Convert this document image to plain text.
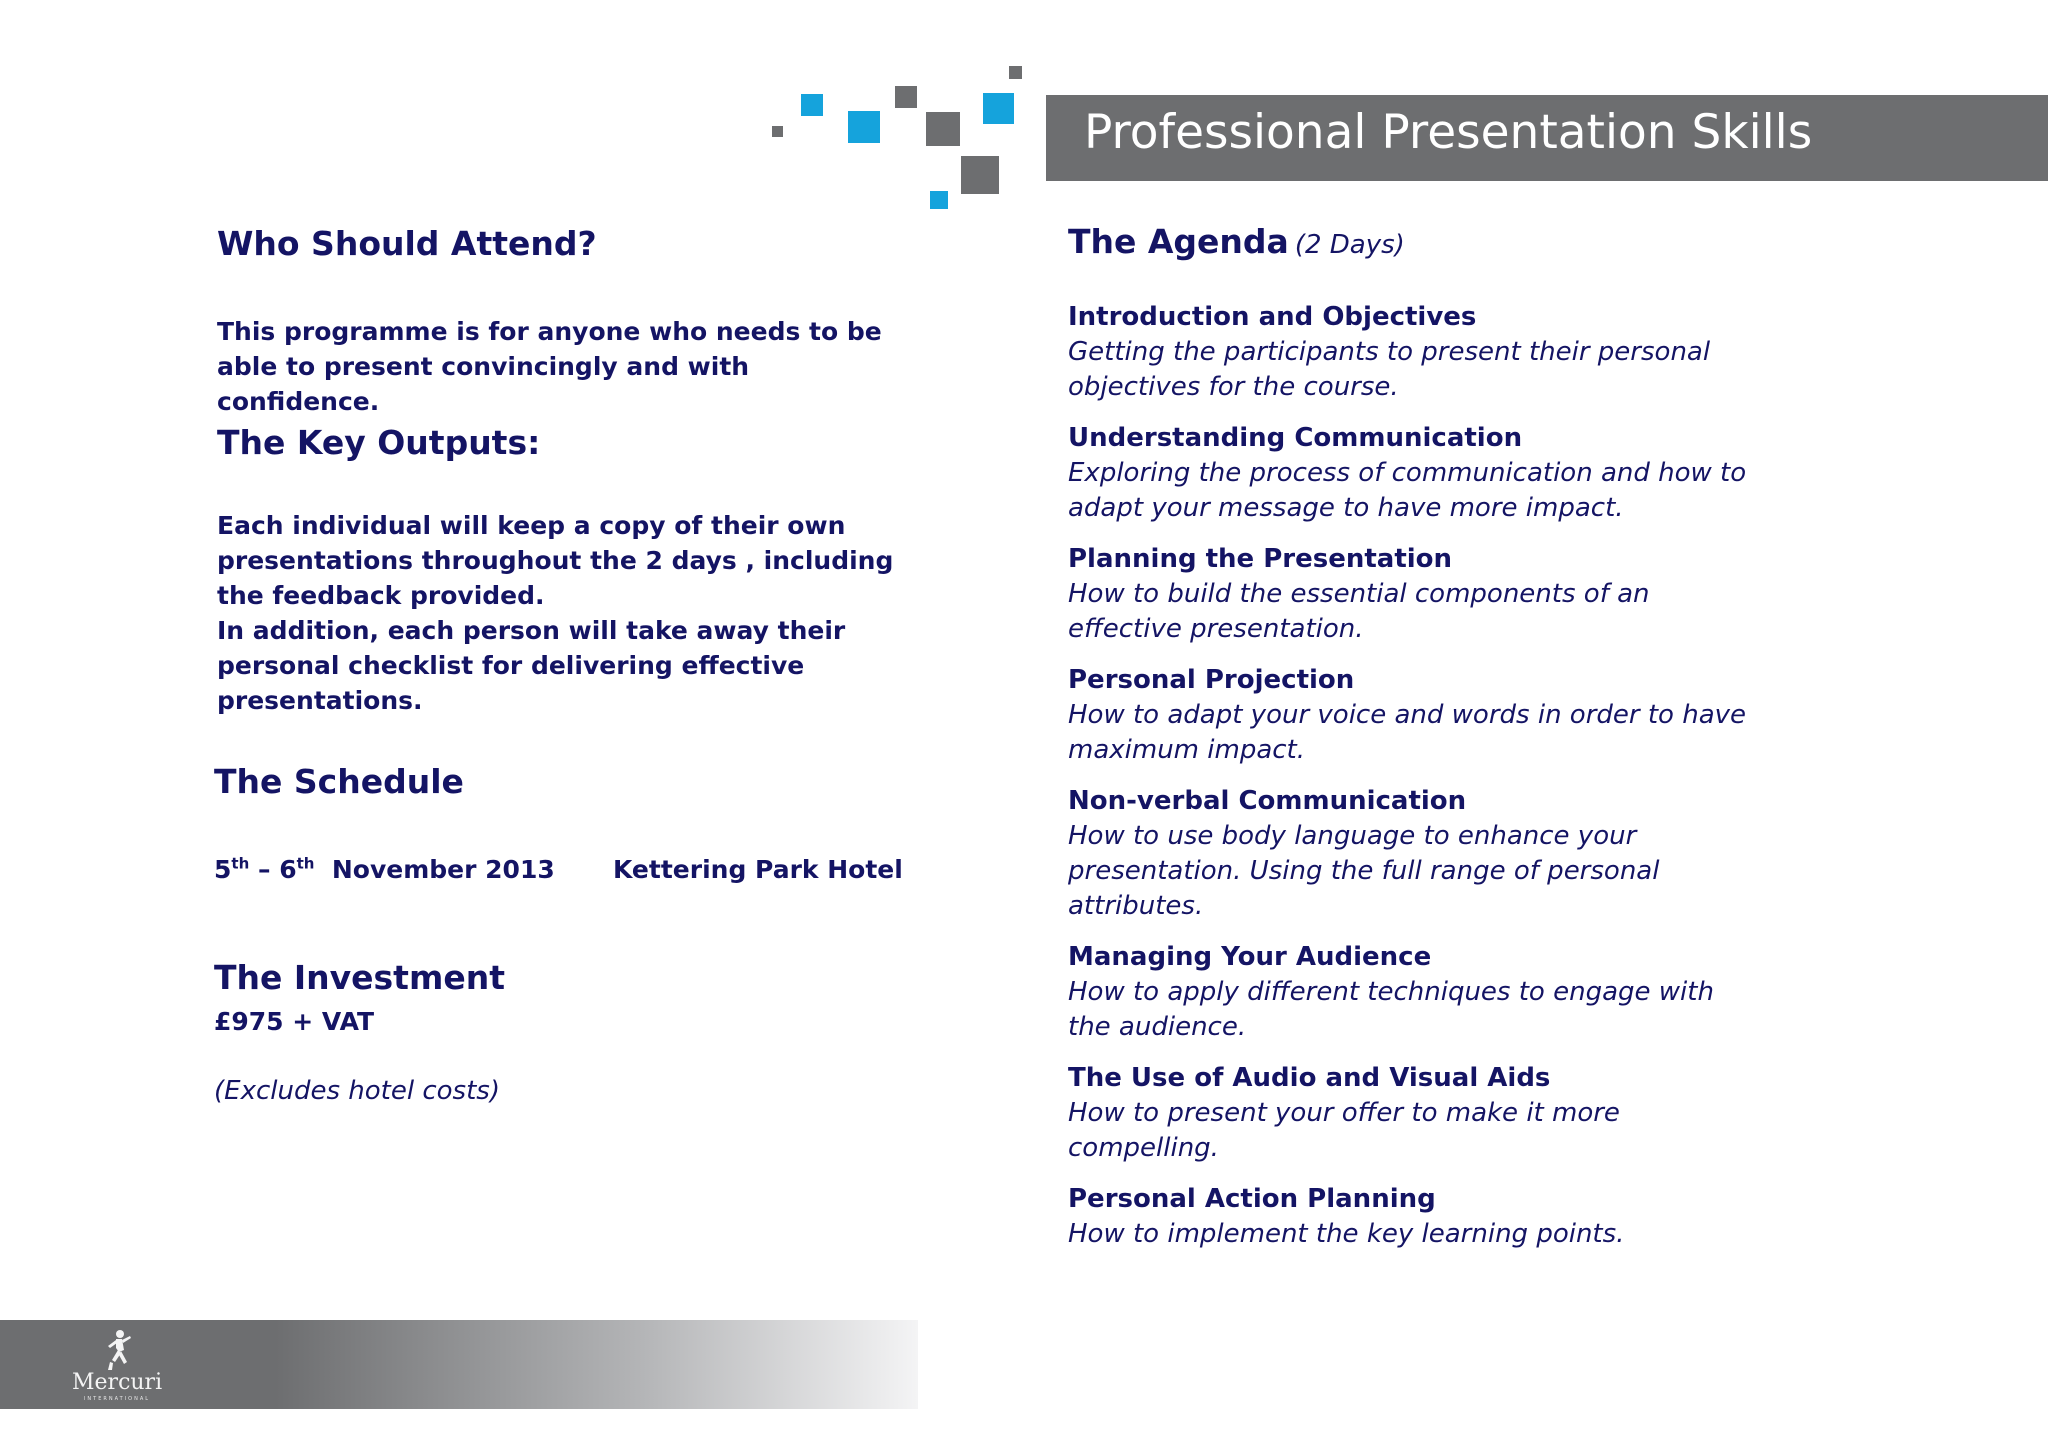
Professional Presentation Skills
Who Should Attend?
This programme is for anyone who needs to be able to present convincingly and with confidence.
The Key Outputs:
Each individual will keep a copy of their own presentations throughout the 2 days , including the feedback provided.
In addition, each person will take away their personal checklist for delivering effective presentations.
The Schedule
5th – 6th November 2013 Kettering Park Hotel
The Investment
£975 + VAT
(Excludes hotel costs)
The Agenda (2 Days)
Introduction and Objectives
Getting the participants to present their personal objectives for the course.
Understanding Communication
Exploring the process of communication and how to adapt your message to have more impact.
Planning the Presentation
How to build the essential components of an effective presentation.
Personal Projection
How to adapt your voice and words in order to have maximum impact.
Non-verbal Communication
How to use body language to enhance your presentation. Using the full range of personal attributes.
Managing Your Audience
How to apply different techniques to engage with the audience.
The Use of Audio and Visual Aids
How to present your offer to make it more compelling.
Personal Action Planning
How to implement the key learning points.
Mercuri
INTERNATIONAL
